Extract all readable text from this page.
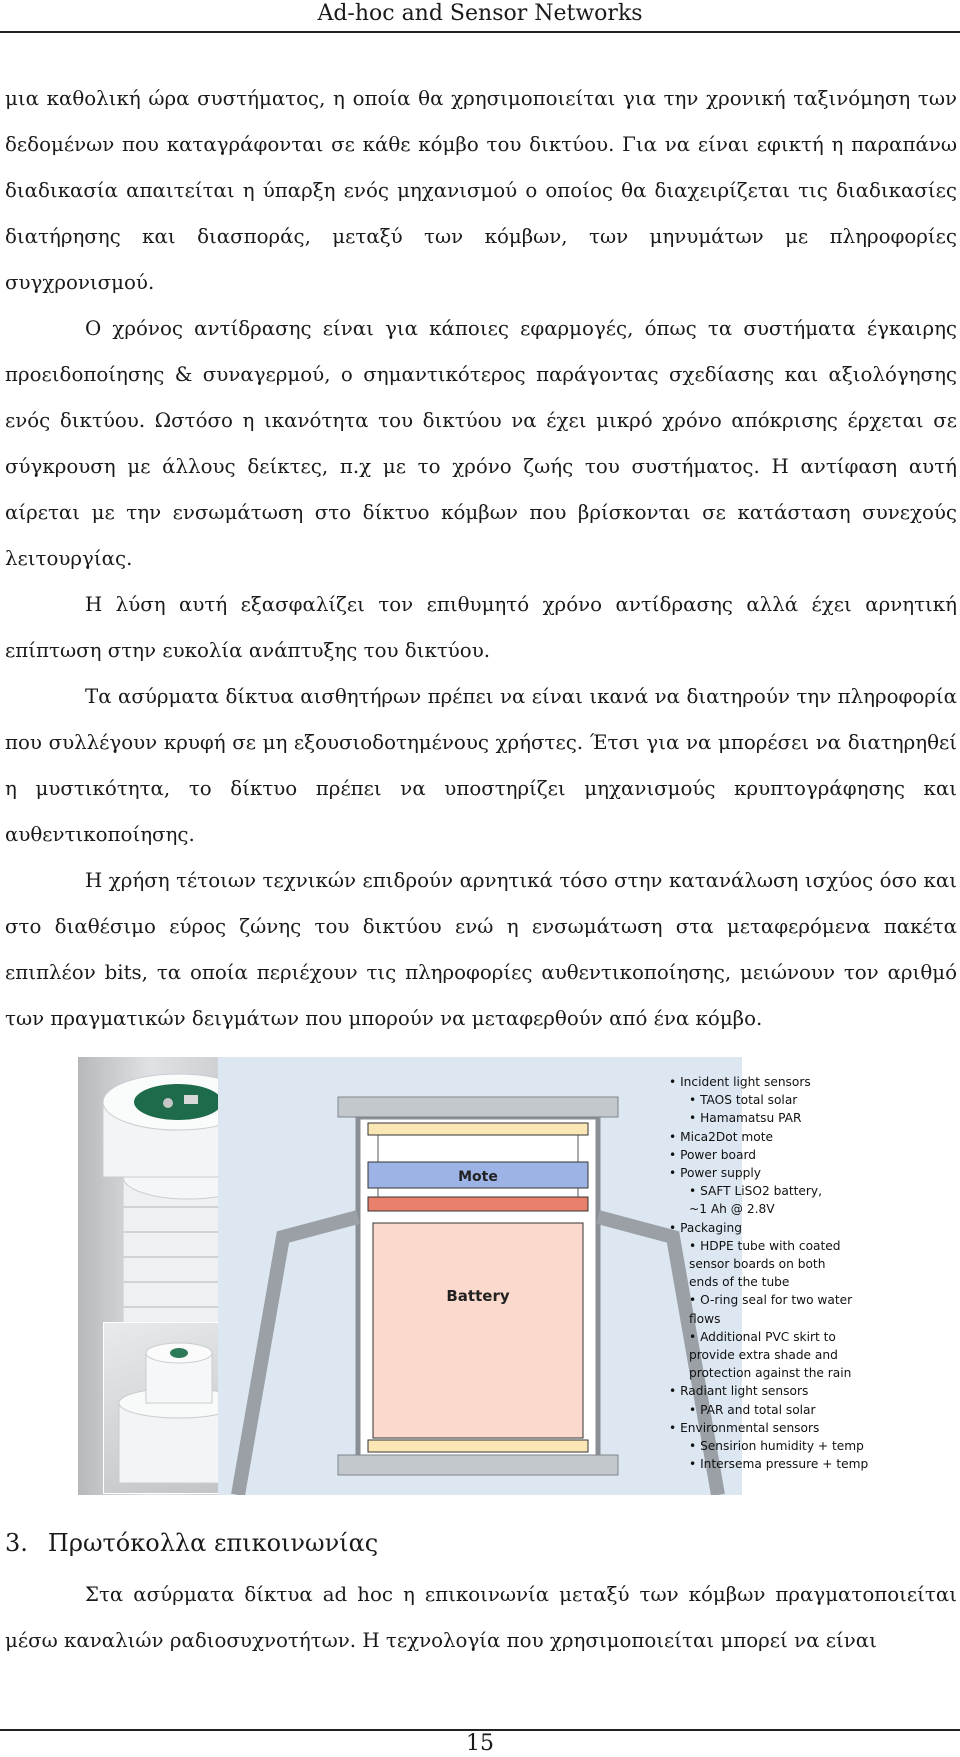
Ad-hoc and Sensor Networks

μια καθολική ώρα συστήματος, η οποία θα χρησιμοποιείται για την χρονική ταξινόμηση των δεδομένων που καταγράφονται σε κάθε κόμβο του δικτύου. Για να είναι εφικτή η παραπάνω διαδικασία απαιτείται η ύπαρξη ενός μηχανισμού ο οποίος θα διαχειρίζεται τις διαδικασίες διατήρησης και διασποράς, μεταξύ των κόμβων, των μηνυμάτων με πληροφορίες συγχρονισμού.

Ο χρόνος αντίδρασης είναι για κάποιες εφαρμογές, όπως τα συστήματα έγκαιρης προειδοποίησης & συναγερμού, ο σημαντικότερος παράγοντας σχεδίασης και αξιολόγησης ενός δικτύου. Ωστόσο η ικανότητα του δικτύου να έχει μικρό χρόνο απόκρισης έρχεται σε σύγκρουση με άλλους δείκτες, π.χ με το χρόνο ζωής του συστήματος. Η αντίφαση αυτή αίρεται με την ενσωμάτωση στο δίκτυο κόμβων που βρίσκονται σε κατάσταση συνεχούς λειτουργίας.

Η λύση αυτή εξασφαλίζει τον επιθυμητό χρόνο αντίδρασης αλλά έχει αρνητική επίπτωση στην ευκολία ανάπτυξης του δικτύου.

Τα ασύρματα δίκτυα αισθητήρων πρέπει να είναι ικανά να διατηρούν την πληροφορία που συλλέγουν κρυφή σε μη εξουσιοδοτημένους χρήστες. Έτσι για να μπορέσει να διατηρηθεί η μυστικότητα, το δίκτυο πρέπει να υποστηρίζει μηχανισμούς κρυπτογράφησης και αυθεντικοποίησης.

Η χρήση τέτοιων τεχνικών επιδρούν αρνητικά τόσο στην κατανάλωση ισχύος όσο και στο διαθέσιμο εύρος ζώνης του δικτύου ενώ η ενσωμάτωση στα μεταφερόμενα πακέτα επιπλέον bits, τα οποία περιέχουν τις πληροφορίες αυθεντικοποίησης, μειώνουν τον αριθμό των πραγματικών δειγμάτων που μπορούν να μεταφερθούν από ένα κόμβο.

Mote
Battery
• Incident light sensors
• TAOS total solar
• Hamamatsu PAR
• Mica2Dot mote
• Power board
• Power supply
• SAFT LiSO2 battery,
~1 Ah @ 2.8V
• Packaging
• HDPE tube with coated
sensor boards on both
ends of the tube
• O-ring seal for two water
flows
• Additional PVC skirt to
provide extra shade and
protection against the rain
• Radiant light sensors
• PAR and total solar
• Environmental sensors
• Sensirion humidity + temp
• Intersema pressure + temp
3. Πρωτόκολλα επικοινωνίας
Στα ασύρματα δίκτυα ad hoc η επικοινωνία μεταξύ των κόμβων πραγματοποιείται μέσω καναλιών ραδιοσυχνοτήτων. Η τεχνολογία που χρησιμοποιείται μπορεί να είναι
15
